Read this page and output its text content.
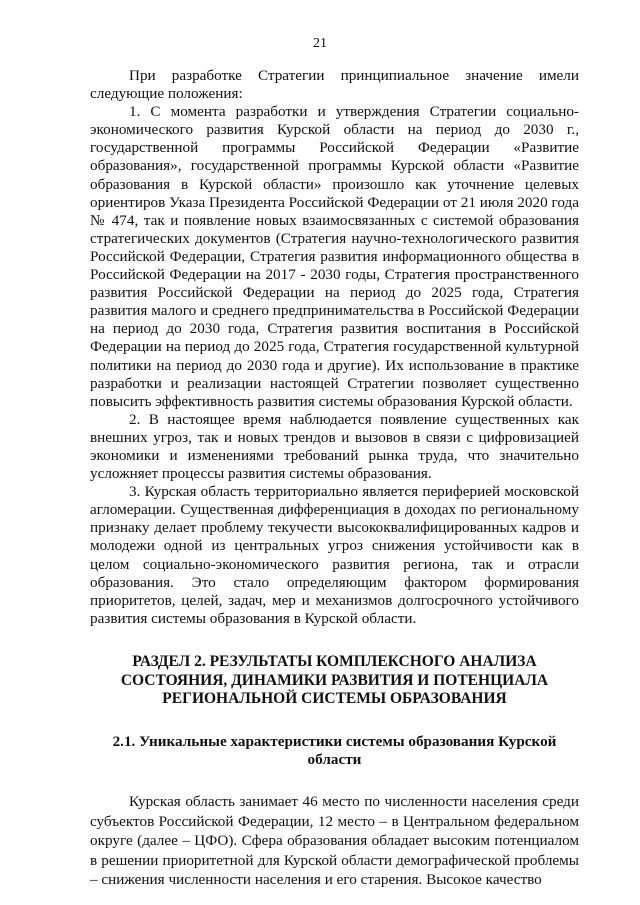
21

При разработке Стратегии принципиальное значение имели следующие положения:

1. С момента разработки и утверждения Стратегии социально-экономического развития Курской области на период до 2030 г., государственной программы Российской Федерации «Развитие образования», государственной программы Курской области «Развитие образования в Курской области» произошло как уточнение целевых ориентиров Указа Президента Российской Федерации от 21 июля 2020 года № 474, так и появление новых взаимосвязанных с системой образования стратегических документов (Стратегия научно-технологического развития Российской Федерации, Стратегия развития информационного общества в Российской Федерации на 2017 - 2030 годы, Стратегия пространственного развития Российской Федерации на период до 2025 года, Стратегия развития малого и среднего предпринимательства в Российской Федерации на период до 2030 года, Стратегия развития воспитания в Российской Федерации на период до 2025 года, Стратегия государственной культурной политики на период до 2030 года и другие). Их использование в практике разработки и реализации настоящей Стратегии позволяет существенно повысить эффективность развития системы образования Курской области.

2. В настоящее время наблюдается появление существенных как внешних угроз, так и новых трендов и вызовов в связи с цифровизацией экономики и изменениями требований рынка труда, что значительно усложняет процессы развития системы образования.

3. Курская область территориально является периферией московской агломерации. Существенная дифференциация в доходах по региональному признаку делает проблему текучести высококвалифицированных кадров и молодежи одной из центральных угроз снижения устойчивости как в целом социально-экономического развития региона, так и отрасли образования. Это стало определяющим фактором формирования приоритетов, целей, задач, мер и механизмов долгосрочного устойчивого развития системы образования в Курской области.

РАЗДЕЛ 2. РЕЗУЛЬТАТЫ КОМПЛЕКСНОГО АНАЛИЗА
СОСТОЯНИЯ, ДИНАМИКИ РАЗВИТИЯ И ПОТЕНЦИАЛА
РЕГИОНАЛЬНОЙ СИСТЕМЫ ОБРАЗОВАНИЯ
2.1. Уникальные характеристики системы образования Курской
области

Курская область занимает 46 место по численности населения среди субъектов Российской Федерации, 12 место – в Центральном федеральном округе (далее – ЦФО). Сфера образования обладает высоким потенциалом в решении приоритетной для Курской области демографической проблемы – снижения численности населения и его старения. Высокое качество
